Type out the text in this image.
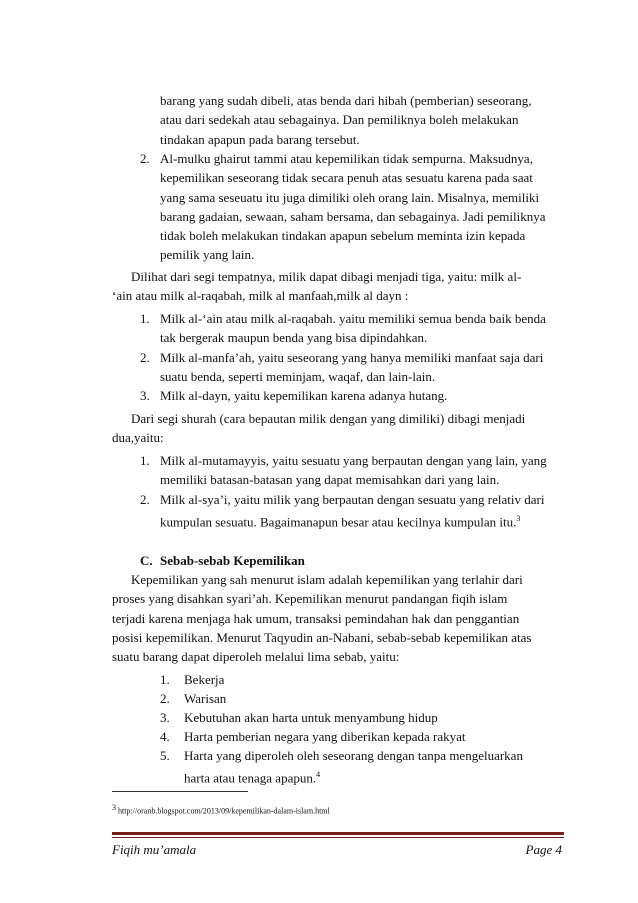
barang yang sudah dibeli, atas benda dari hibah (pemberian) seseorang,
atau dari sedekah atau sebagainya. Dan pemiliknya boleh melakukan
tindakan apapun pada barang tersebut.
2. Al-mulku ghairut tammi atau kepemilikan tidak sempurna. Maksudnya,
kepemilikan seseorang tidak secara penuh atas sesuatu karena pada saat
yang sama seseuatu itu juga dimiliki oleh orang lain. Misalnya, memiliki
barang gadaian, sewaan, saham bersama, dan sebagainya. Jadi pemiliknya
tidak boleh melakukan tindakan apapun sebelum meminta izin kepada
pemilik yang lain.
Dilihat dari segi tempatnya, milik dapat dibagi menjadi tiga, yaitu: milk al-
‘ain atau milk al-raqabah, milk al manfaah,milk al dayn :
1. Milk al-‘ain atau milk al-raqabah. yaitu memiliki semua benda baik benda
tak bergerak maupun benda yang bisa dipindahkan.
2. Milk al-manfa’ah, yaitu seseorang yang hanya memiliki manfaat saja dari
suatu benda, seperti meminjam, waqaf, dan lain-lain.
3. Milk al-dayn, yaitu kepemilikan karena adanya hutang.
Dari segi shurah (cara bepautan milik dengan yang dimiliki) dibagi menjadi
dua,yaitu:
1. Milk al-mutamayyis, yaitu sesuatu yang berpautan dengan yang lain, yang
memiliki batasan-batasan yang dapat memisahkan dari yang lain.
2. Milk al-sya’i, yaitu milik yang berpautan dengan sesuatu yang relativ dari
kumpulan sesuatu. Bagaimanapun besar atau kecilnya kumpulan itu.$^3$
C. Sebab-sebab Kepemilikan
Kepemilikan yang sah menurut islam adalah kepemilikan yang terlahir dari
proses yang disahkan syari’ah. Kepemilikan menurut pandangan fiqih islam
terjadi karena menjaga hak umum, transaksi pemindahan hak dan penggantian
posisi kepemilikan. Menurut Taqyudin an-Nabani, sebab-sebab kepemilikan atas
suatu barang dapat diperoleh melalui lima sebab, yaitu:
1. Bekerja
2. Warisan
3. Kebutuhan akan harta untuk menyambung hidup
4. Harta pemberian negara yang diberikan kepada rakyat
5. Harta yang diperoleh oleh seseorang dengan tanpa mengeluarkan
harta atau tenaga apapun.$^4$
$^3$ http://oranb.blogspot.com/2013/09/kepemilikan-dalam-islam.html
Fiqih mu’amala	Page 4
